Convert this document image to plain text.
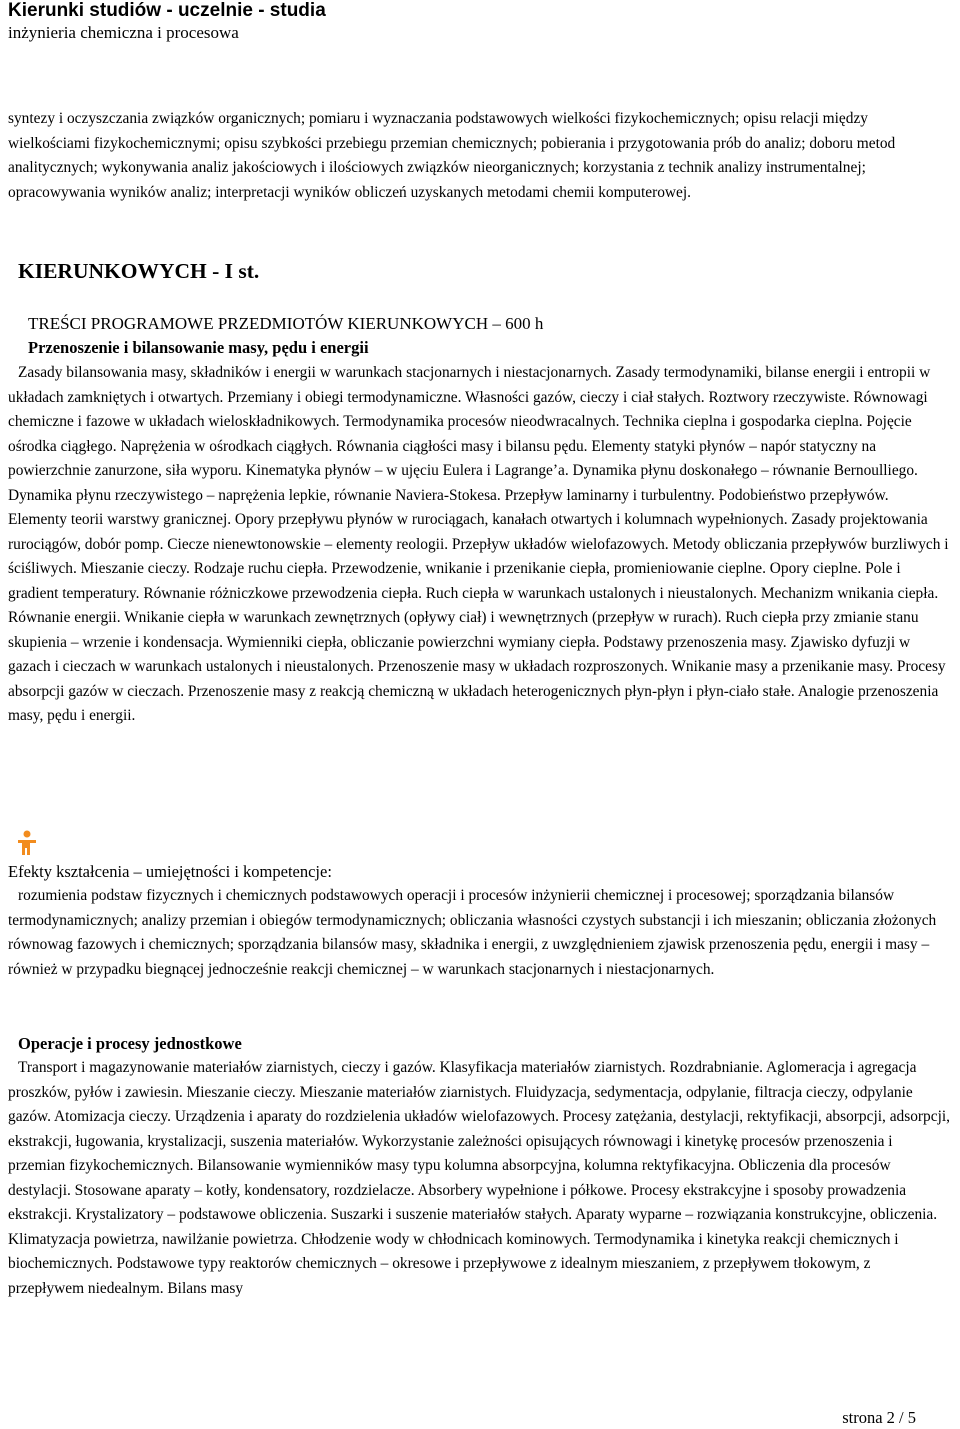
Kierunki studiów - uczelnie - studia
inżynieria chemiczna i procesowa
syntezy i oczyszczania związków organicznych; pomiaru i wyznaczania podstawowych wielkości fizykochemicznych; opisu relacji między wielkościami fizykochemicznymi; opisu szybkości przebiegu przemian chemicznych; pobierania i przygotowania prób do analiz; doboru metod analitycznych; wykonywania analiz jakościowych i ilościowych związków nieorganicznych; korzystania z technik analizy instrumentalnej; opracowywania wyników analiz; interpretacji wyników obliczeń uzyskanych metodami chemii komputerowej.
KIERUNKOWYCH - I st.
TREŚCI PROGRAMOWE PRZEDMIOTÓW KIERUNKOWYCH – 600 h
Przenoszenie i bilansowanie masy, pędu i energii
Zasady bilansowania masy, składników i energii w warunkach stacjonarnych i niestacjonarnych. Zasady termodynamiki, bilanse energii i entropii w układach zamkniętych i otwartych. Przemiany i obiegi termodynamiczne. Własności gazów, cieczy i ciał stałych. Roztwory rzeczywiste. Równowagi chemiczne i fazowe w układach wieloskładnikowych. Termodynamika procesów nieodwracalnych. Technika cieplna i gospodarka cieplna. Pojęcie ośrodka ciągłego. Naprężenia w ośrodkach ciągłych. Równania ciągłości masy i bilansu pędu. Elementy statyki płynów – napór statyczny na powierzchnie zanurzone, siła wyporu. Kinematyka płynów – w ujęciu Eulera i Lagrange’a. Dynamika płynu doskonałego – równanie Bernoulliego. Dynamika płynu rzeczywistego – naprężenia lepkie, równanie Naviera-Stokesa. Przepływ laminarny i turbulentny. Podobieństwo przepływów. Elementy teorii warstwy granicznej. Opory przepływu płynów w rurociągach, kanałach otwartych i kolumnach wypełnionych. Zasady projektowania rurociągów, dobór pomp. Ciecze nienewtonowskie – elementy reologii. Przepływ układów wielofazowych. Metody obliczania przepływów burzliwych i ściśliwych. Mieszanie cieczy. Rodzaje ruchu ciepła. Przewodzenie, wnikanie i przenikanie ciepła, promieniowanie cieplne. Opory cieplne. Pole i gradient temperatury. Równanie różniczkowe przewodzenia ciepła. Ruch ciepła w warunkach ustalonych i nieustalonych. Mechanizm wnikania ciepła. Równanie energii. Wnikanie ciepła w warunkach zewnętrznych (opływy ciał) i wewnętrznych (przepływ w rurach). Ruch ciepła przy zmianie stanu skupienia – wrzenie i kondensacja. Wymienniki ciepła, obliczanie powierzchni wymiany ciepła. Podstawy przenoszenia masy. Zjawisko dyfuzji w gazach i cieczach w warunkach ustalonych i nieustalonych. Przenoszenie masy w układach rozproszonych. Wnikanie masy a przenikanie masy. Procesy absorpcji gazów w cieczach. Przenoszenie masy z reakcją chemiczną w układach heterogenicznych płyn-płyn i płyn-ciało stałe. Analogie przenoszenia masy, pędu i energii.
Efekty kształcenia – umiejętności i kompetencje:
rozumienia podstaw fizycznych i chemicznych podstawowych operacji i procesów inżynierii chemicznej i procesowej; sporządzania bilansów termodynamicznych; analizy przemian i obiegów termodynamicznych; obliczania własności czystych substancji i ich mieszanin; obliczania złożonych równowag fazowych i chemicznych; sporządzania bilansów masy, składnika i energii, z uwzględnieniem zjawisk przenoszenia pędu, energii i masy – również w przypadku biegnącej jednocześnie reakcji chemicznej – w warunkach stacjonarnych i niestacjonarnych.
Operacje i procesy jednostkowe
Transport i magazynowanie materiałów ziarnistych, cieczy i gazów. Klasyfikacja materiałów ziarnistych. Rozdrabnianie. Aglomeracja i agregacja proszków, pyłów i zawiesin. Mieszanie cieczy. Mieszanie materiałów ziarnistych. Fluidyzacja, sedymentacja, odpylanie, filtracja cieczy, odpylanie gazów. Atomizacja cieczy. Urządzenia i aparaty do rozdzielenia układów wielofazowych. Procesy zatężania, destylacji, rektyfikacji, absorpcji, adsorpcji, ekstrakcji, ługowania, krystalizacji, suszenia materiałów. Wykorzystanie zależności opisujących równowagi i kinetykę procesów przenoszenia i przemian fizykochemicznych. Bilansowanie wymienników masy typu kolumna absorpcyjna, kolumna rektyfikacyjna. Obliczenia dla procesów destylacji. Stosowane aparaty – kotły, kondensatory, rozdzielacze. Absorbery wypełnione i półkowe. Procesy ekstrakcyjne i sposoby prowadzenia ekstrakcji. Krystalizatory – podstawowe obliczenia. Suszarki i suszenie materiałów stałych. Aparaty wyparne – rozwiązania konstrukcyjne, obliczenia. Klimatyzacja powietrza, nawilżanie powietrza. Chłodzenie wody w chłodnicach kominowych. Termodynamika i kinetyka reakcji chemicznych i biochemicznych. Podstawowe typy reaktorów chemicznych – okresowe i przepływowe z idealnym mieszaniem, z przepływem tłokowym, z przepływem niedealnym. Bilans masy
strona 2 / 5
